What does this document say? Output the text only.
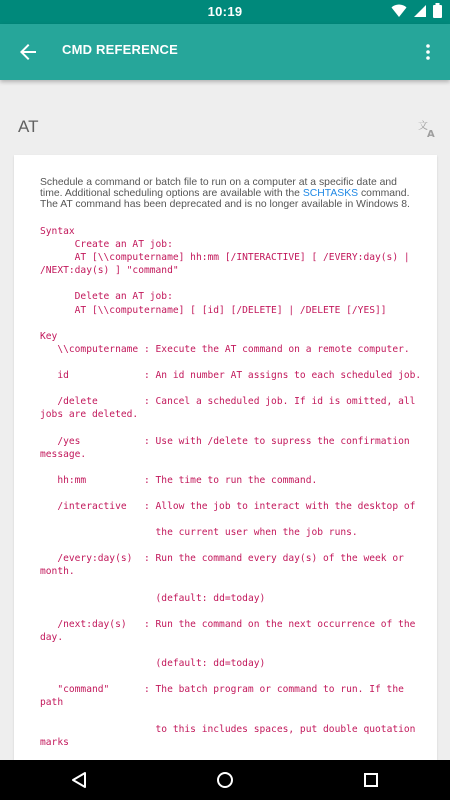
10:19
CMD REFERENCE
AT	文
A
Schedule a command or batch file to run on a computer at a specific date and time. Additional scheduling options are available with the SCHTASKS command. The AT command has been deprecated and is no longer available in Windows 8.
Syntax
Create an AT job:
AT [\\computername] hh:mm [/INTERACTIVE] [ /EVERY:day(s) | /NEXT:day(s) ] "command"

Delete an AT job:
AT [\\computername] [ [id] [/DELETE] | /DELETE [/YES]]

Key
\\computername : Execute the AT command on a remote computer.

id             : An id number AT assigns to each scheduled job.

/delete        : Cancel a scheduled job. If id is omitted, all jobs are deleted.

/yes           : Use with /delete to supress the confirmation message.

hh:mm          : The time to run the command.

/interactive   : Allow the job to interact with the desktop of

the current user when the job runs.

/every:day(s)  : Run the command every day(s) of the week or month.

(default: dd=today)

/next:day(s)   : Run the command on the next occurrence of the day.

(default: dd=today)

"command"      : The batch program or command to run. If the path

to this includes spaces, put double quotation marks
